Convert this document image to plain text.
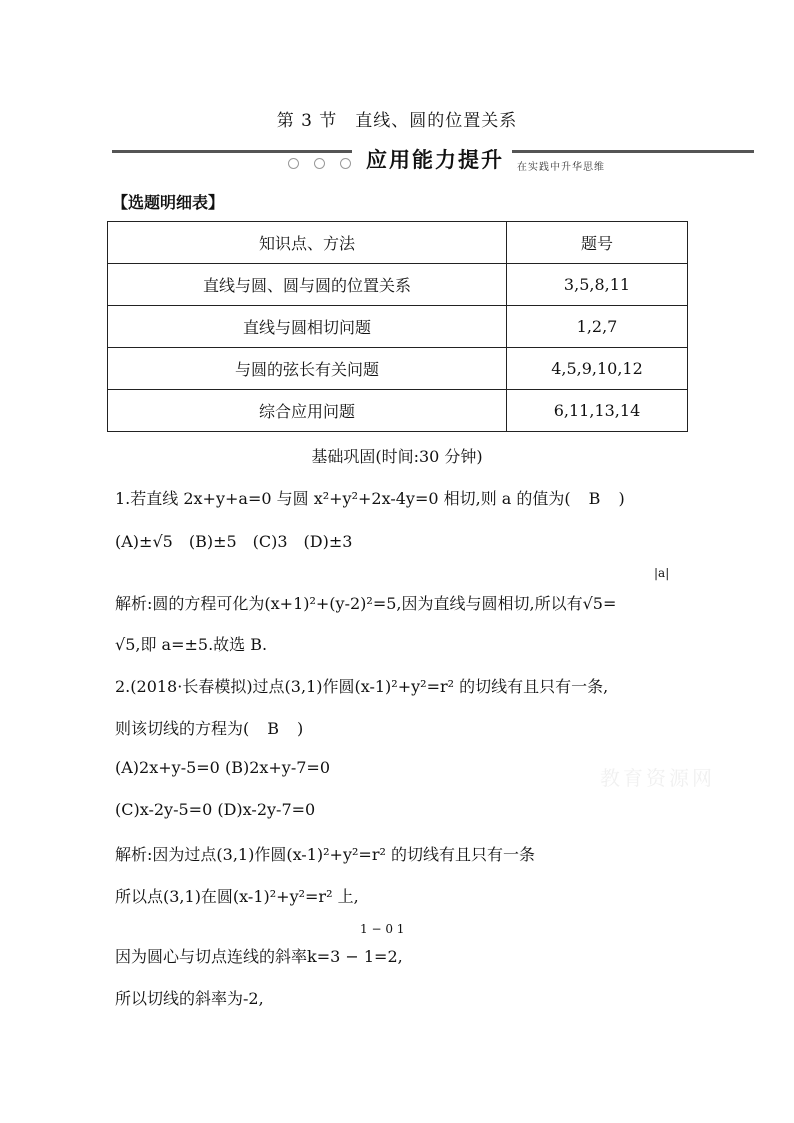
第 3 节　直线、圆的位置关系
应用能力提升 在实践中升华思维
【选题明细表】
知识点、方法	题号
直线与圆、圆与圆的位置关系	3,5,8,11
直线与圆相切问题	1,2,7
与圆的弦长有关问题	4,5,9,10,12
综合应用问题	6,11,13,14
基础巩固(时间:30 分钟)
1.若直线 2x+y+a=0 与圆 x²+y²+2x-4y=0 相切,则 a 的值为( B )
(A)±√5　(B)±5　(C)3　(D)±3
|a|
解析:圆的方程可化为(x+1)²+(y-2)²=5,因为直线与圆相切,所以有√5=
√5,即 a=±5.故选 B.
2.(2018·长春模拟)过点(3,1)作圆(x-1)²+y²=r² 的切线有且只有一条,
则该切线的方程为( B )
(A)2x+y-5=0 (B)2x+y-7=0
(C)x-2y-5=0 (D)x-2y-7=0
解析:因为过点(3,1)作圆(x-1)²+y²=r² 的切线有且只有一条
所以点(3,1)在圆(x-1)²+y²=r² 上,
1 − 0 1
因为圆心与切点连线的斜率k=3 − 1=2,
所以切线的斜率为-2,
教育资源网
